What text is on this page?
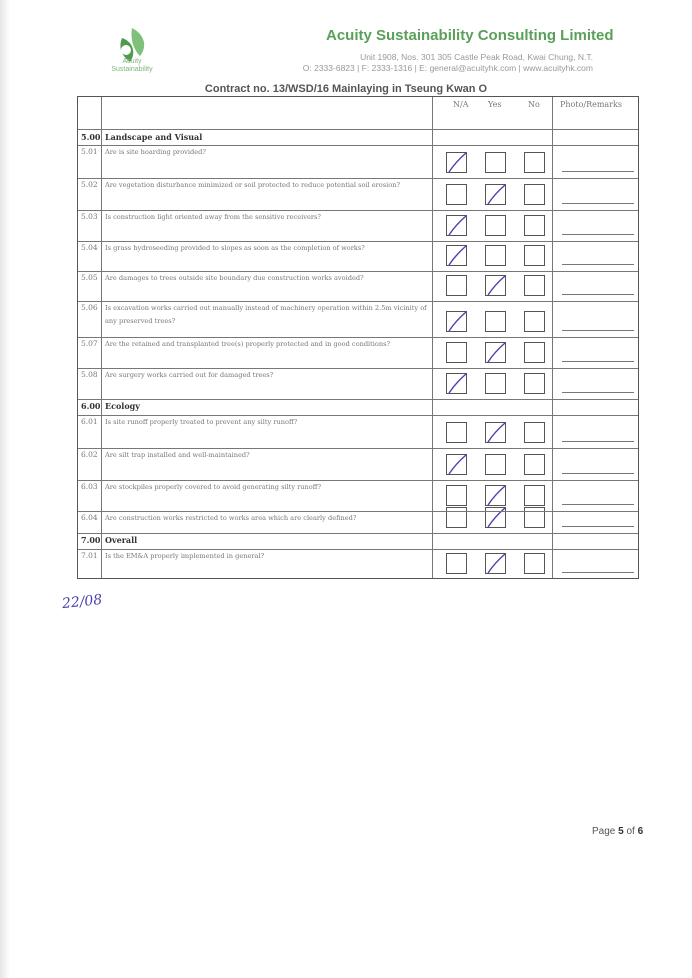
Acuity
Sustainability
Acuity Sustainability Consulting Limited
Unit 1908, Nos. 301 305 Castle Peak Road, Kwai Chung, N.T.
O: 2333-6823 | F: 2333-1316 | E: general@acuityhk.com | www.acuityhk.com
Contract no. 13/WSD/16 Mainlaying in Tseung Kwan O
N/A Yes	No	Photo/Remarks
5.00 Landscape and Visual
5.01 Are is site hoarding provided?
5.02 Are vegetation disturbance minimized or soil protected to reduce potential soil erosion?
5.03 Is construction light oriented away from the sensitive receivers?
5.04 Is grass hydroseeding provided to slopes as soon as the completion of works?
5.05 Are damages to trees outside site boundary due construction works avoided?
5.06 Is excavation works carried out manually instead of machinery operation within 2.5m vicinity of any preserved trees?
5.07 Are the retained and transplanted tree(s) properly protected and in good conditions?
5.08 Are surgery works carried out for damaged trees?
6.00 Ecology
6.01 Is site runoff properly treated to prevent any silty runoff?
6.02 Are silt trap installed and well-maintained?
6.03 Are stockpiles properly covered to avoid generating silty runoff?
6.04 Are construction works restricted to works area which are clearly defined?
7.00 Overall
7.01 Is the EM&A properly implemented in general?
22/08
Page 5 of 6
